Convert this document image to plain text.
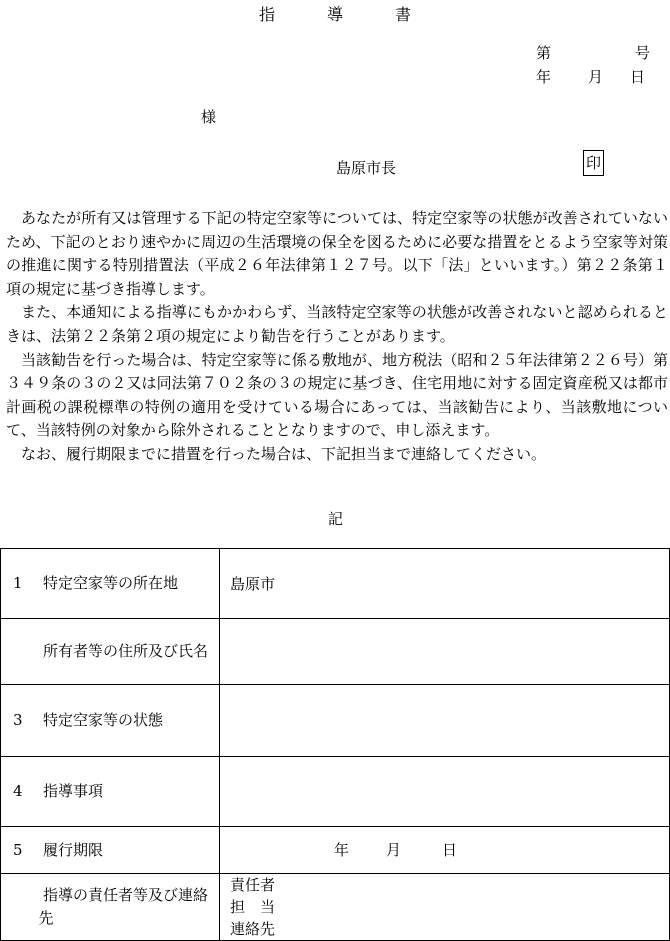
指	導	書
第	号
年 月 日
様
島原市長	印

あなたが所有又は管理する下記の特定空家等については、特定空家等の状態が改善されていないため、下記のとおり速やかに周辺の生活環境の保全を図るために必要な措置をとるよう空家等対策の推進に関する特別措置法（平成２６年法律第１２７号。以下「法」といいます。）第２２条第１項の規定に基づき指導します。

また、本通知による指導にもかかわらず、当該特定空家等の状態が改善されないと認められるときは、法第２２条第２項の規定により勧告を行うことがあります。

当該勧告を行った場合は、特定空家等に係る敷地が、地方税法（昭和２５年法律第２２６号）第３４９条の３の２又は同法第７０２条の３の規定に基づき、住宅用地に対する固定資産税又は都市計画税の課税標準の特例の適用を受けている場合にあっては、当該勧告により、当該敷地について、当該特例の対象から除外されることとなりますので、申し添えます。

なお、履行期限までに措置を行った場合は、下記担当まで連絡してください。

記
1 特定空家等の所在地	島原市

所有者等の住所及び氏名	

3 特定空家等の状態	
4 指導事項	
5 履行期限	年 月 日

指導の責任者等及び連絡先	責任者
担　当
連絡先
